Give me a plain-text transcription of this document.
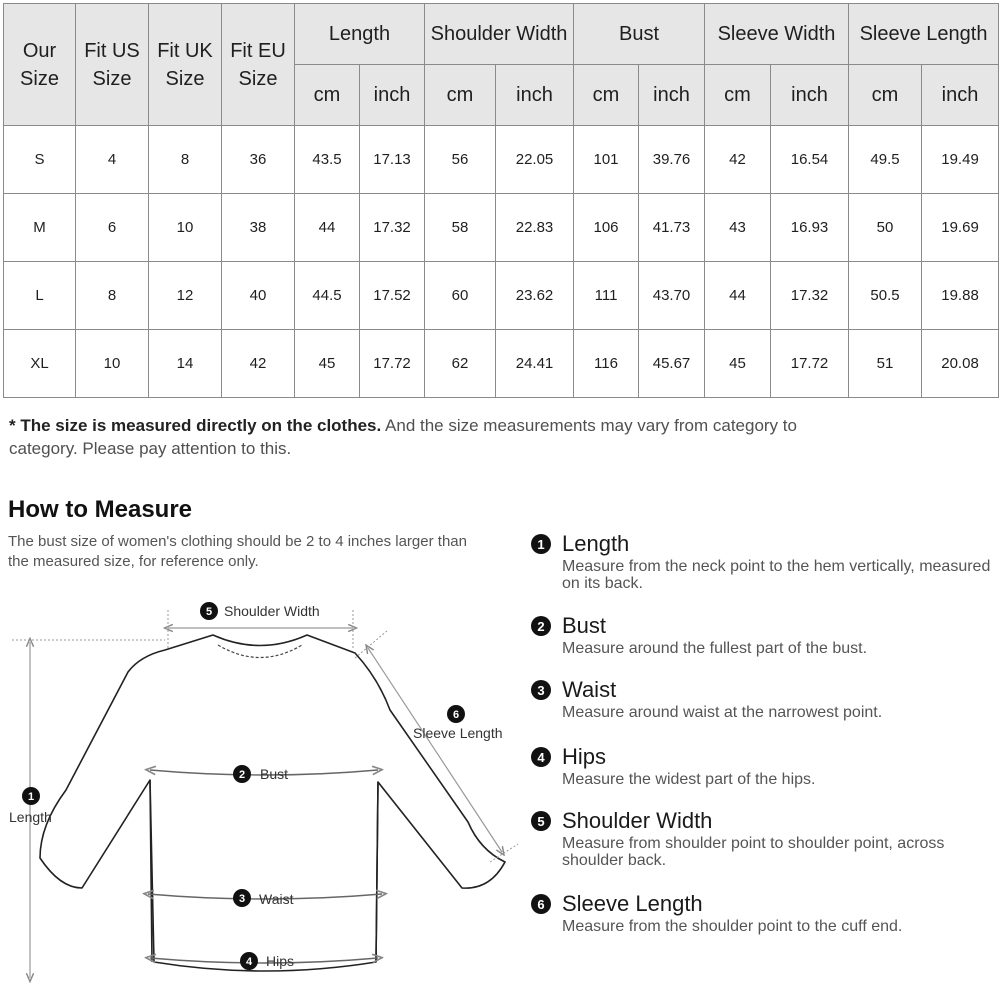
Our Size	Fit US Size	Fit UK Size	Fit EU Size	Length		Shoulder Width		Bust		Sleeve Width		Sleeve Length	
				cm	inch	cm	inch	cm	inch	cm	inch	cm	inch
S	4	8	36	43.5	17.13	56	22.05	101	39.76	42	16.54	49.5	19.49
M	6	10	38	44	17.32	58	22.83	106	41.73	43	16.93	50	19.69
L	8	12	40	44.5	17.52	60	23.62	111	43.70	44	17.32	50.5	19.88
XL	10	14	42	45	17.72	62	24.41	116	45.67	45	17.72	51	20.08
* The size is measured directly on the clothes. And the size measurements may vary from category to category. Please pay attention to this.
How to Measure
The bust size of women's clothing should be 2 to 4 inches larger than the measured size, for reference only.
5 Shoulder Width
1
Length
6
Sleeve Length
2 Bust
3 Waist
4 Hips
1 Length
Measure from the neck point to the hem vertically, measured on its back.
2 Bust
Measure around the fullest part of the bust.
3 Waist
Measure around waist at the narrowest point.
4 Hips
Measure the widest part of the hips.
5 Shoulder Width
Measure from shoulder point to shoulder point, across shoulder back.
6 Sleeve Length
Measure from the shoulder point to the cuff end.
